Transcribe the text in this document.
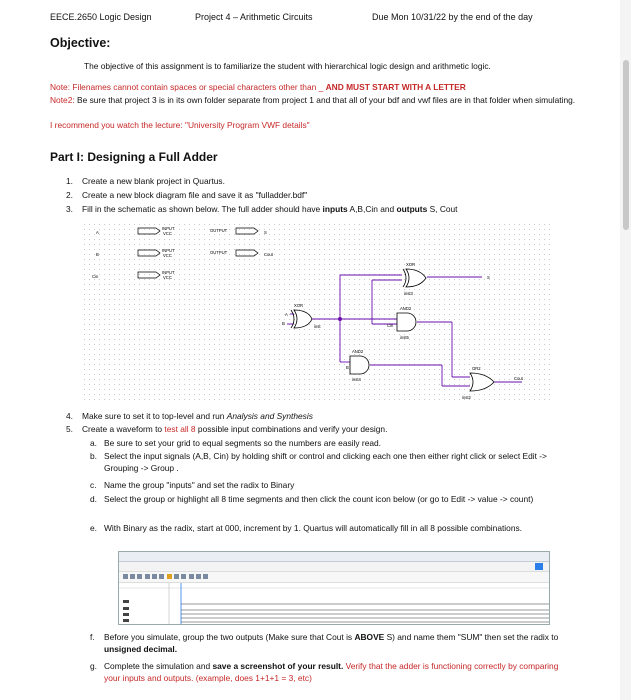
EECE.2650 Logic Design	Project 4 – Arithmetic Circuits	Due Mon 10/31/22 by the end of the day
Objective:
The objective of this assignment is to familiarize the student with hierarchical logic design and arithmetic logic.
Note: Filenames cannot contain spaces or special characters other than _ AND MUST START WITH A LETTER
Note2: Be sure that project 3 is in its own folder separate from project 1 and that all of your bdf and vwf files are in that folder when simulating.
I recommend you watch the lecture: "University Program VWF details"
Part I: Designing a Full Adder
1. Create a new blank project in Quartus.
2. Create a new block diagram file and save it as "fulladder.bdf"
3. Fill in the schematic as shown below. The full adder should have inputs A,B,Cin and outputs S, Cout
A
B
Cin
INPUT
VCC
INPUT
VCC
INPUT
VCC
OUTPUT
OUTPUT
S
Cout
XOR
A
B
inst
XOR
S
inst3
AND2
Cin
inst5
AND2
B
inst4
OR2
inst2
Cout
4. Make sure to set it to top-level and run Analysis and Synthesis
5. Create a waveform to test all 8 possible input combinations and verify your design.
a. Be sure to set your grid to equal segments so the numbers are easily read.
b. Select the input signals (A,B, Cin) by holding shift or control and clicking each one then either right click or select Edit -> Grouping -> Group .
c. Name the group "inputs" and set the radix to Binary
d. Select the group or highlight all 8 time segments and then click the count icon below (or go to Edit -> value -> count)
e. With Binary as the radix, start at 000, increment by 1. Quartus will automatically fill in all 8 possible combinations.
f. Before you simulate, group the two outputs (Make sure that Cout is ABOVE S) and name them "SUM" then set the radix to unsigned decimal.
g. Complete the simulation and save a screenshot of your result. Verify that the adder is functioning correctly by comparing your inputs and outputs. (example, does 1+1+1 = 3, etc)
